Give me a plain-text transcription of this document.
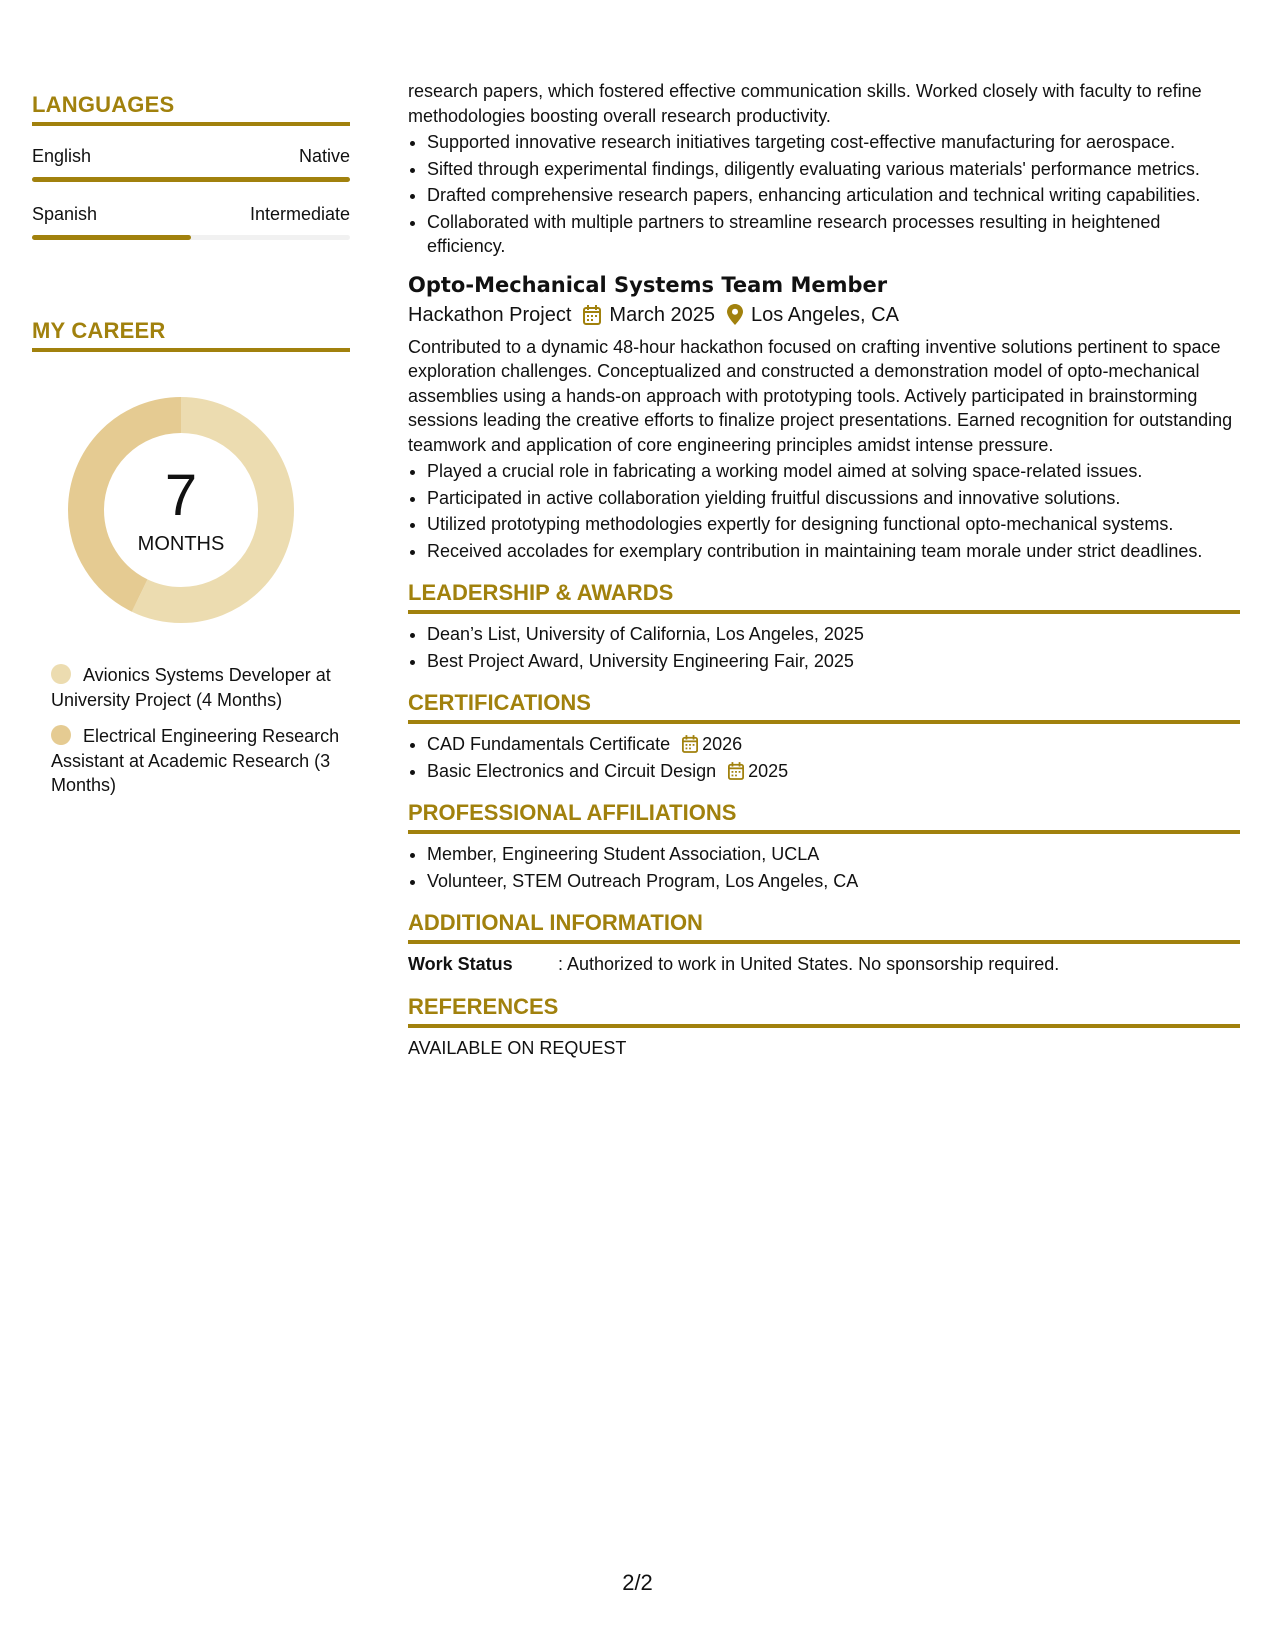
LANGUAGES
English	Native
Spanish	Intermediate
MY CAREER
7
MONTHS
Avionics Systems Developer at University Project (4 Months)
Electrical Engineering Research Assistant at Academic Research (3 Months)

research papers, which fostered effective communication skills. Worked closely with faculty to refine methodologies boosting overall research productivity.

• Supported innovative research initiatives targeting cost-effective manufacturing for aerospace.
• Sifted through experimental findings, diligently evaluating various materials' performance metrics.
• Drafted comprehensive research papers, enhancing articulation and technical writing capabilities.
• Collaborated with multiple partners to streamline research processes resulting in heightened efficiency.
Opto-Mechanical Systems Team Member
Hackathon Project March 2025 Los Angeles, CA

Contributed to a dynamic 48-hour hackathon focused on crafting inventive solutions pertinent to space exploration challenges. Conceptualized and constructed a demonstration model of opto-mechanical assemblies using a hands-on approach with prototyping tools. Actively participated in brainstorming sessions leading the creative efforts to finalize project presentations. Earned recognition for outstanding teamwork and application of core engineering principles amidst intense pressure.

• Played a crucial role in fabricating a working model aimed at solving space-related issues.
• Participated in active collaboration yielding fruitful discussions and innovative solutions.
• Utilized prototyping methodologies expertly for designing functional opto-mechanical systems.
• Received accolades for exemplary contribution in maintaining team morale under strict deadlines.
LEADERSHIP & AWARDS
• Dean’s List, University of California, Los Angeles, 2025
• Best Project Award, University Engineering Fair, 2025
CERTIFICATIONS
• CAD Fundamentals Certificate 2026
• Basic Electronics and Circuit Design 2025
PROFESSIONAL AFFILIATIONS
• Member, Engineering Student Association, UCLA
• Volunteer, STEM Outreach Program, Los Angeles, CA
ADDITIONAL INFORMATION
Work Status	: Authorized to work in United States. No sponsorship required.
REFERENCES
AVAILABLE ON REQUEST
2/2
